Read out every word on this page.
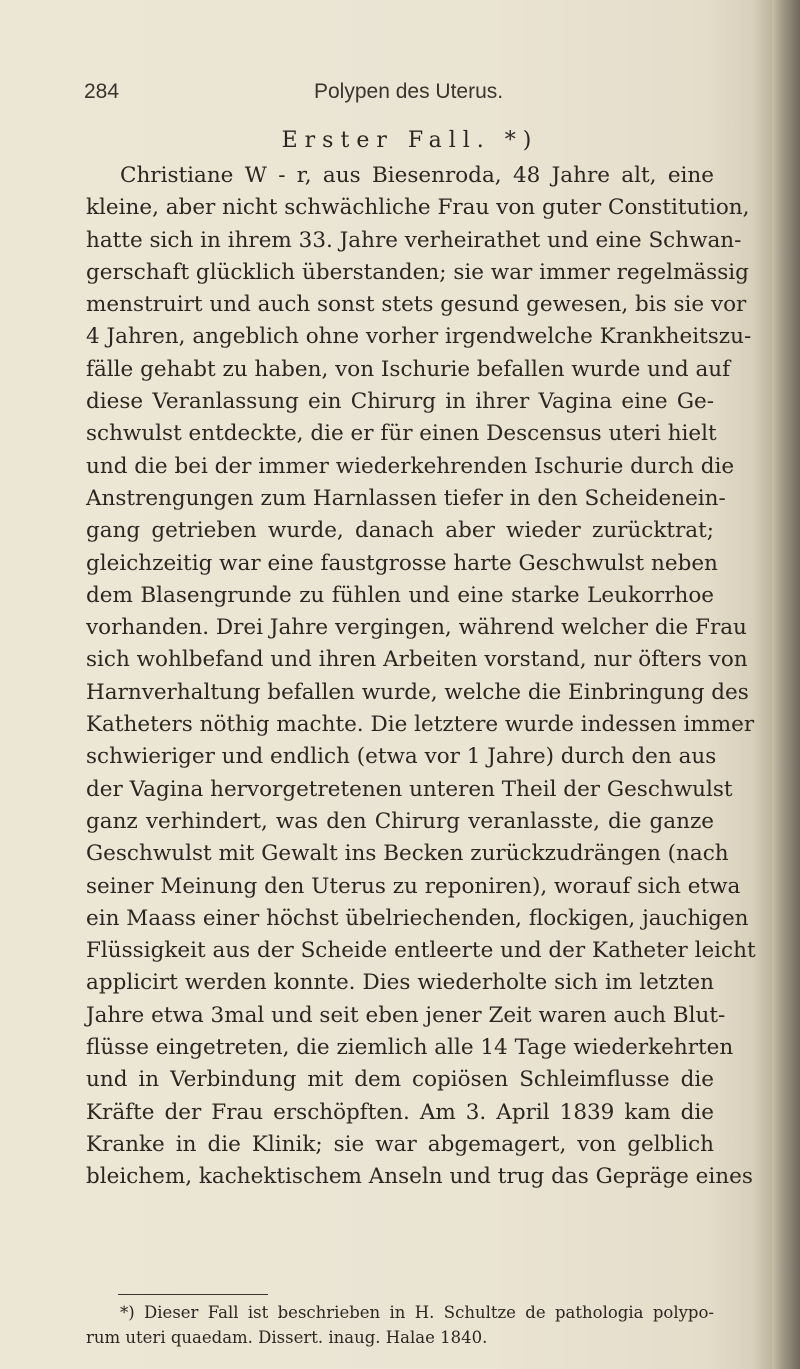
284	Polypen des Uterus.
Erster Fall. *)
Christiane W - r, aus Biesenroda, 48 Jahre alt, eine
kleine, aber nicht schwächliche Frau von guter Constitution,
hatte sich in ihrem 33. Jahre verheirathet und eine Schwan-
gerschaft glücklich überstanden; sie war immer regelmässig
menstruirt und auch sonst stets gesund gewesen, bis sie vor
4 Jahren, angeblich ohne vorher irgendwelche Krankheitszu-
fälle gehabt zu haben, von Ischurie befallen wurde und auf
diese Veranlassung ein Chirurg in ihrer Vagina eine Ge-
schwulst entdeckte, die er für einen Descensus uteri hielt
und die bei der immer wiederkehrenden Ischurie durch die
Anstrengungen zum Harnlassen tiefer in den Scheidenein-
gang getrieben wurde, danach aber wieder zurücktrat;
gleichzeitig war eine faustgrosse harte Geschwulst neben
dem Blasengrunde zu fühlen und eine starke Leukorrhoe
vorhanden. Drei Jahre vergingen, während welcher die Frau
sich wohlbefand und ihren Arbeiten vorstand, nur öfters von
Harnverhaltung befallen wurde, welche die Einbringung des
Katheters nöthig machte. Die letztere wurde indessen immer
schwieriger und endlich (etwa vor 1 Jahre) durch den aus
der Vagina hervorgetretenen unteren Theil der Geschwulst
ganz verhindert, was den Chirurg veranlasste, die ganze
Geschwulst mit Gewalt ins Becken zurückzudrängen (nach
seiner Meinung den Uterus zu reponiren), worauf sich etwa
ein Maass einer höchst übelriechenden, flockigen, jauchigen
Flüssigkeit aus der Scheide entleerte und der Katheter leicht
applicirt werden konnte. Dies wiederholte sich im letzten
Jahre etwa 3mal und seit eben jener Zeit waren auch Blut-
flüsse eingetreten, die ziemlich alle 14 Tage wiederkehrten
und in Verbindung mit dem copiösen Schleimflusse die
Kräfte der Frau erschöpften. Am 3. April 1839 kam die
Kranke in die Klinik; sie war abgemagert, von gelblich
bleichem, kachektischem Anseln und trug das Gepräge eines
*) Dieser Fall ist beschrieben in H. Schultze de pathologia polypo-
rum uteri quaedam. Dissert. inaug. Halae 1840.
